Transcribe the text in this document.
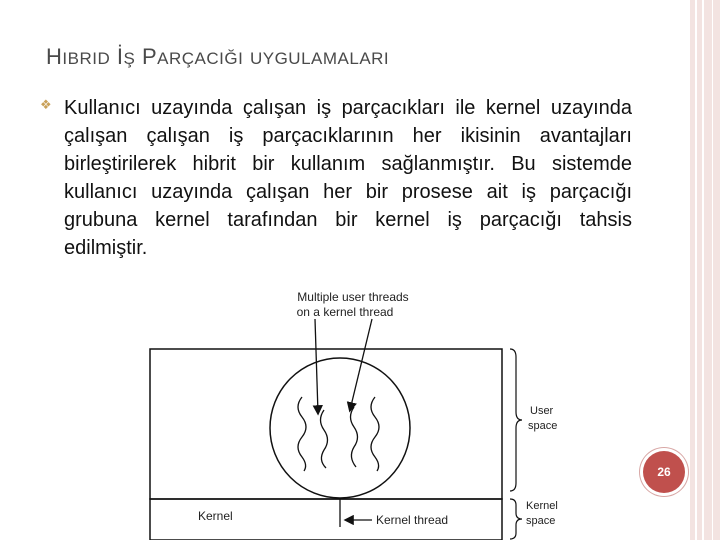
HIBRID İŞ PARÇACIĞI UYGULAMALARI
❖ Kullanıcı uzayında çalışan iş parçacıkları ile kernel uzayında çalışan çalışan iş parçacıklarının her ikisinin avantajları birleştirilerek hibrit bir kullanım sağlanmıştır. Bu sistemde kullanıcı uzayında çalışan her bir prosese ait iş parçacığı grubuna kernel tarafından bir kernel iş parçacığı tahsis edilmiştir.
Multiple user threads
on a kernel thread
Kernel	Kernel thread
User
space
Kernel
space
26
